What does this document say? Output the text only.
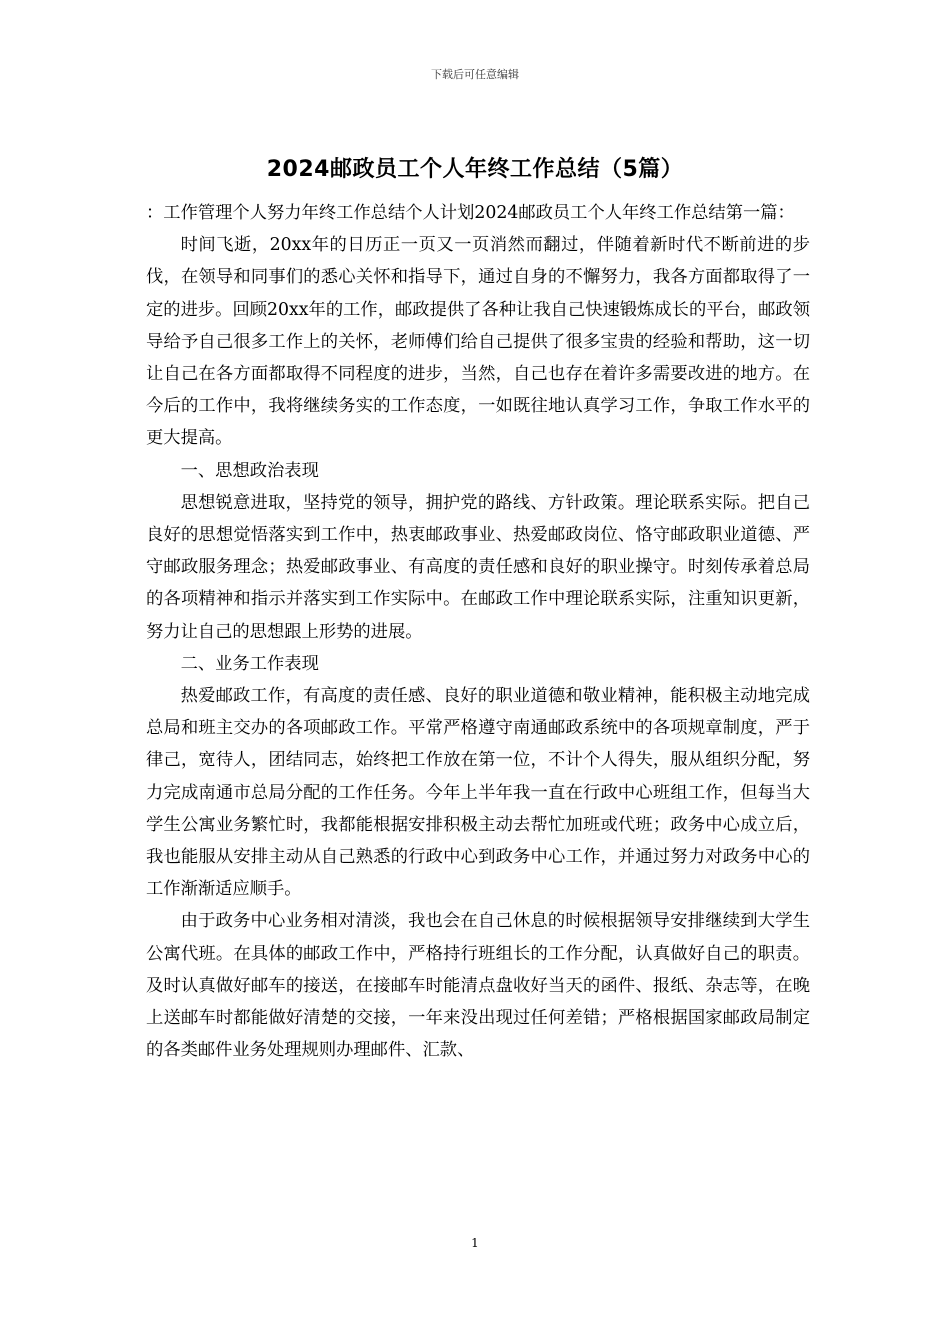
下载后可任意编辑
2024邮政员工个人年终工作总结（5篇）

：工作管理个人努力年终工作总结个人计划2024邮政员工个人年终工作总结第一篇：

时间飞逝，20xx年的日历正一页又一页消然而翻过，伴随着新时代不断前进的步伐，在领导和同事们的悉心关怀和指导下，通过自身的不懈努力，我各方面都取得了一定的进步。回顾20xx年的工作，邮政提供了各种让我自己快速锻炼成长的平台，邮政领导给予自己很多工作上的关怀，老师傅们给自己提供了很多宝贵的经验和帮助，这一切让自己在各方面都取得不同程度的进步，当然，自己也存在着许多需要改进的地方。在今后的工作中，我将继续务实的工作态度，一如既往地认真学习工作，争取工作水平的更大提高。

一、思想政治表现

思想锐意进取，坚持党的领导，拥护党的路线、方针政策。理论联系实际。把自己良好的思想觉悟落实到工作中，热衷邮政事业、热爱邮政岗位、恪守邮政职业道德、严守邮政服务理念；热爱邮政事业、有高度的责任感和良好的职业操守。时刻传承着总局的各项精神和指示并落实到工作实际中。在邮政工作中理论联系实际，注重知识更新，努力让自己的思想跟上形势的进展。

二、业务工作表现

热爱邮政工作，有高度的责任感、良好的职业道德和敬业精神，能积极主动地完成总局和班主交办的各项邮政工作。平常严格遵守南通邮政系统中的各项规章制度，严于律己，宽待人，团结同志，始终把工作放在第一位，不计个人得失，服从组织分配，努力完成南通市总局分配的工作任务。今年上半年我一直在行政中心班组工作，但每当大学生公寓业务繁忙时，我都能根据安排积极主动去帮忙加班或代班；政务中心成立后，我也能服从安排主动从自己熟悉的行政中心到政务中心工作，并通过努力对政务中心的工作渐渐适应顺手。

由于政务中心业务相对清淡，我也会在自己休息的时候根据领导安排继续到大学生公寓代班。在具体的邮政工作中，严格持行班组长的工作分配，认真做好自己的职责。及时认真做好邮车的接送，在接邮车时能清点盘收好当天的函件、报纸、杂志等，在晚上送邮车时都能做好清楚的交接，一年来没出现过任何差错；严格根据国家邮政局制定的各类邮件业务处理规则办理邮件、汇款、

1
